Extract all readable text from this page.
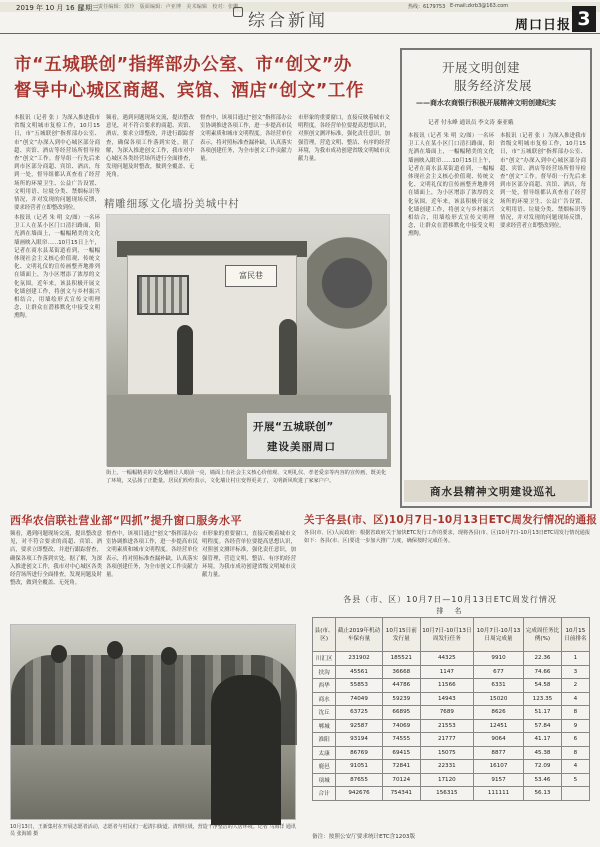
2019 年 10 月 16 日
星期三 责任编辑：郭玲　版面编辑：卢亚博　美术编辑　校对：张鹏
综合新闻
热线：6179753 E-mail:zkrb3@163.com
周口日报 3
市“五城联创”指挥部办公室、市“创文”办
督导中心城区商超、宾馆、酒店“创文”工作
本报讯（记者 张 ）为深入推进我市省级文明城市复检工作，10月15日，市“五城联创”指挥部办公室、市“创文”办深入到中心城区部分商超、宾馆、酒店等经营场所督导检查“创文”工作。督导组一行先后来到市区部分商超、宾馆、酒店，每到一处，督导组都认真查看了经营场所的环境卫生、公益广告设置、文明用语、垃圾分类、禁烟标识等情况，并对发现的问题现场反馈，要求经营者立即整改到位。
本报讯（记者 朱 明 文/图）一名环卫工人在某小区门口清扫路面，阳光洒在墙面上，一幅幅精美的文化墙画映入眼帘……10月15日上午，记者在商水县某街道看到，一幅幅体现社会主义核心价值观、传统文化、文明礼仪的宣传画整齐地排列在墙面上，为小区增添了浓厚的文化氛围。近年来，该县积极开展文化墙创建工作，将创文与乡村振兴相结合，用墙绘形式宣传文明理念，让群众在潜移默化中接受文明熏陶。
频看，遇到问题现场交流，提出整改意见，对不符合要求的商超、宾馆、酒店，要求立即整改，并进行跟踪督查，确保各项工作落到实处。据了解，为深入推进创文工作，我市对中心城区各类经营场所进行全面排查，发现问题及时整改，做到全覆盖、无死角。
督查中，该项目通过“创文”指挥部办公室协调推进各项工作，进一步提高市民文明素质和城市文明程度。各经营单位表示，将对照标准查漏补缺，认真落实各项创建任务，为全市创文工作贡献力量。
市形象的重要窗口，直接反映着城市文明程度。各经营单位要提高思想认识，对照创文测评标准，强化责任意识，加强管理，营造文明、整洁、有序的经营环境，为我市成功创建省级文明城市贡献力量。
精雕细琢文化墙扮美城中村
富民巷
开展“五城联创”
建设美丽周口
街上，一幅幅精美的文化墙画让人眼前一亮，墙面上有社会主义核心价值观、文明礼仪、孝老爱亲等内容的宣传画，既美化了环境，又弘扬了正能量。居民们纷纷表示，文化墙让村庄变得更美了，文明新风吹进了家家户户。
开展文明创建
服务经济发展
——商水农商银行积极开展精神文明创建纪实
记者 付永峰 通讯员 李文涛 秦亚娥
本报讯（记者 朱 明 文/图）一名环卫工人在某小区门口清扫路面，阳光洒在墙面上，一幅幅精美的文化墙画映入眼帘……10月15日上午，记者在商水县某街道看到，一幅幅体现社会主义核心价值观、传统文化、文明礼仪的宣传画整齐地排列在墙面上，为小区增添了浓厚的文化氛围。近年来，该县积极开展文化墙创建工作，将创文与乡村振兴相结合，用墙绘形式宣传文明理念，让群众在潜移默化中接受文明熏陶。
本报讯（记者 张 ）为深入推进我市省级文明城市复检工作，10月15日，市“五城联创”指挥部办公室、市“创文”办深入到中心城区部分商超、宾馆、酒店等经营场所督导检查“创文”工作。督导组一行先后来到市区部分商超、宾馆、酒店，每到一处，督导组都认真查看了经营场所的环境卫生、公益广告设置、文明用语、垃圾分类、禁烟标识等情况，并对发现的问题现场反馈，要求经营者立即整改到位。
商水县精神文明建设巡礼
西华农信联社营业部“四抓”提升窗口服务水平
频看，遇到问题现场交流，提出整改意见，对不符合要求的商超、宾馆、酒店，要求立即整改，并进行跟踪督查，确保各项工作落到实处。据了解，为深入推进创文工作，我市对中心城区各类经营场所进行全面排查，发现问题及时整改，做到全覆盖、无死角。
督查中，该项目通过“创文”指挥部办公室协调推进各项工作，进一步提高市民文明素质和城市文明程度。各经营单位表示，将对照标准查漏补缺，认真落实各项创建任务，为全市创文工作贡献力量。
市形象的重要窗口，直接反映着城市文明程度。各经营单位要提高思想认识，对照创文测评标准，强化责任意识，加强管理，营造文明、整洁、有序的经营环境，为我市成功创建省级文明城市贡献力量。
10月13日，王新集村在开展志愿者活动，志愿者与村民们一起清扫街道、清理垃圾，营造干净整洁的人居环境。记者 马海洋 通讯员 张海娟 摄
关于各县(市、区)10月7日-10月13日ETC周发行情况的通报
各县(市、区)人民政府：根据省政府关于加快ETC发行工作的要求，现将各县(市、区)10月7日-10月13日ETC周发行情况通报如下：各县(市、区)要进一步加大推广力度，确保按时完成任务。
各县（市、区）10月7日—10月13日ETC周发行情况
排　名
县(市、区)	截止2019年机动车保有量	10月15日前发行量	10月7日-10月13日周发行任务	10月7日-10月13日周完成量	完成周任务比例(%)	10月15日前排名
川汇区	231902	185521	44325	9910	22.36	1
扶沟	45561	36668	1147	677	74.66	3
西华	55853	44786	11566	6331	54.58	2
商水	74049	59239	14943	15020	123.35	4
沈丘	63725	66895	7689	8626	51.17	8
郸城	92587	74069	21553	12451	57.84	9
淮阳	93194	74555	21777	9064	41.17	6
太康	86769	69415	15075	8877	45.38	8
鹿邑	91051	72841	22331	16107	72.09	4
项城	87655	70124	17120	9157	53.46	5
合计	942676	754341	156315	111111	56.13	
备注：按照公安厅要求统计ETC含1203版
